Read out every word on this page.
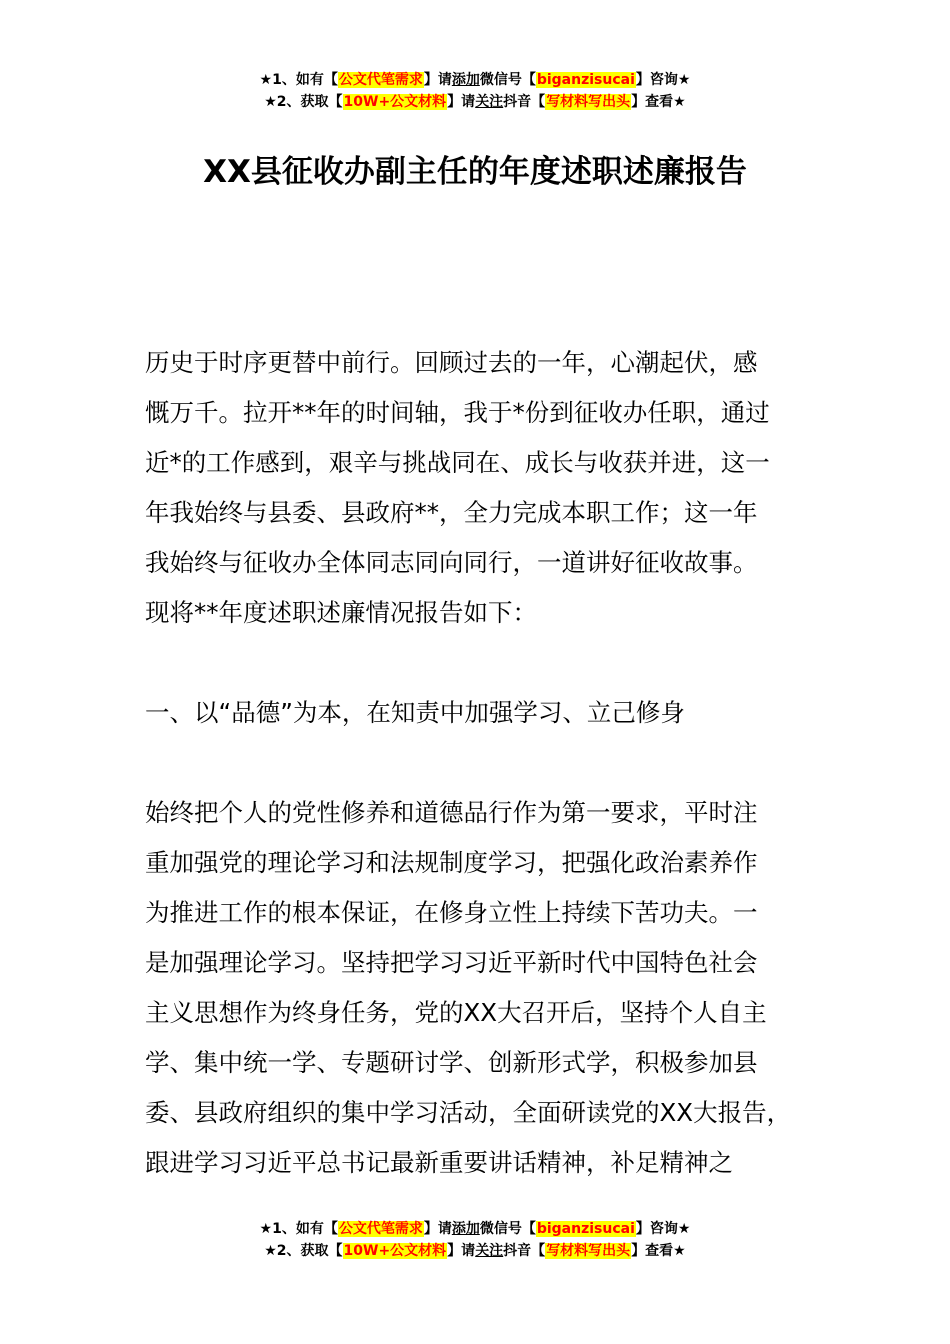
★1、如有【公文代笔需求】请添加微信号【biganzisucai】咨询★
★2、获取【10W+公文材料】请关注抖音【写材料写出头】查看★
XX县征收办副主任的年度述职述廉报告
历史于时序更替中前行。回顾过去的一年，心潮起伏，感
慨万千。拉开**年的时间轴，我于*份到征收办任职，通过
近*的工作感到，艰辛与挑战同在、成长与收获并进，这一
年我始终与县委、县政府**，全力完成本职工作；这一年
我始终与征收办全体同志同向同行，一道讲好征收故事。
现将**年度述职述廉情况报告如下：
一、以“品德”为本，在知责中加强学习、立己修身
始终把个人的党性修养和道德品行作为第一要求，平时注
重加强党的理论学习和法规制度学习，把强化政治素养作
为推进工作的根本保证，在修身立性上持续下苦功夫。一
是加强理论学习。坚持把学习习近平新时代中国特色社会
主义思想作为终身任务，党的XX大召开后，坚持个人自主
学、集中统一学、专题研讨学、创新形式学，积极参加县
委、县政府组织的集中学习活动，全面研读党的XX大报告，
跟进学习习近平总书记最新重要讲话精神，补足精神之
★1、如有【公文代笔需求】请添加微信号【biganzisucai】咨询★
★2、获取【10W+公文材料】请关注抖音【写材料写出头】查看★
